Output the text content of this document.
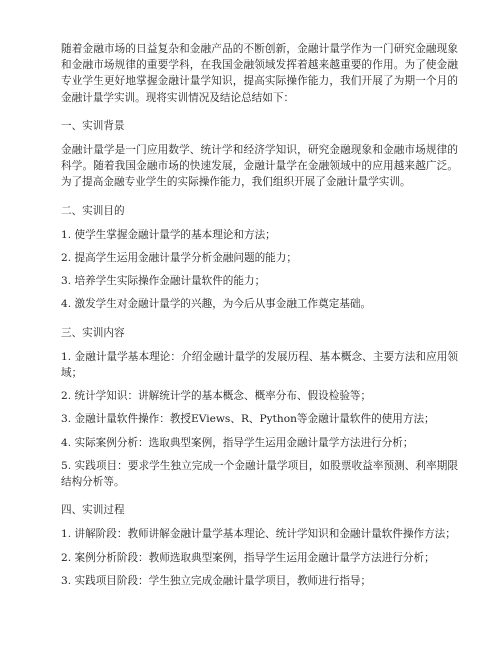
随着金融市场的日益复杂和金融产品的不断创新，金融计量学作为一门研究金融现象和金融市场规律的重要学科，在我国金融领域发挥着越来越重要的作用。为了使金融专业学生更好地掌握金融计量学知识，提高实际操作能力，我们开展了为期一个月的金融计量学实训。现将实训情况及结论总结如下：

一、实训背景

金融计量学是一门应用数学、统计学和经济学知识，研究金融现象和金融市场规律的科学。随着我国金融市场的快速发展，金融计量学在金融领域中的应用越来越广泛。为了提高金融专业学生的实际操作能力，我们组织开展了金融计量学实训。

二、实训目的

1. 使学生掌握金融计量学的基本理论和方法；

2. 提高学生运用金融计量学分析金融问题的能力；

3. 培养学生实际操作金融计量软件的能力；

4. 激发学生对金融计量学的兴趣，为今后从事金融工作奠定基础。

三、实训内容

1. 金融计量学基本理论：介绍金融计量学的发展历程、基本概念、主要方法和应用领域；

2. 统计学知识：讲解统计学的基本概念、概率分布、假设检验等；

3. 金融计量软件操作：教授EViews、R、Python等金融计量软件的使用方法；

4. 实际案例分析：选取典型案例，指导学生运用金融计量学方法进行分析；

5. 实践项目：要求学生独立完成一个金融计量学项目，如股票收益率预测、利率期限结构分析等。

四、实训过程

1. 讲解阶段：教师讲解金融计量学基本理论、统计学知识和金融计量软件操作方法；

2. 案例分析阶段：教师选取典型案例，指导学生运用金融计量学方法进行分析；

3. 实践项目阶段：学生独立完成金融计量学项目，教师进行指导；
